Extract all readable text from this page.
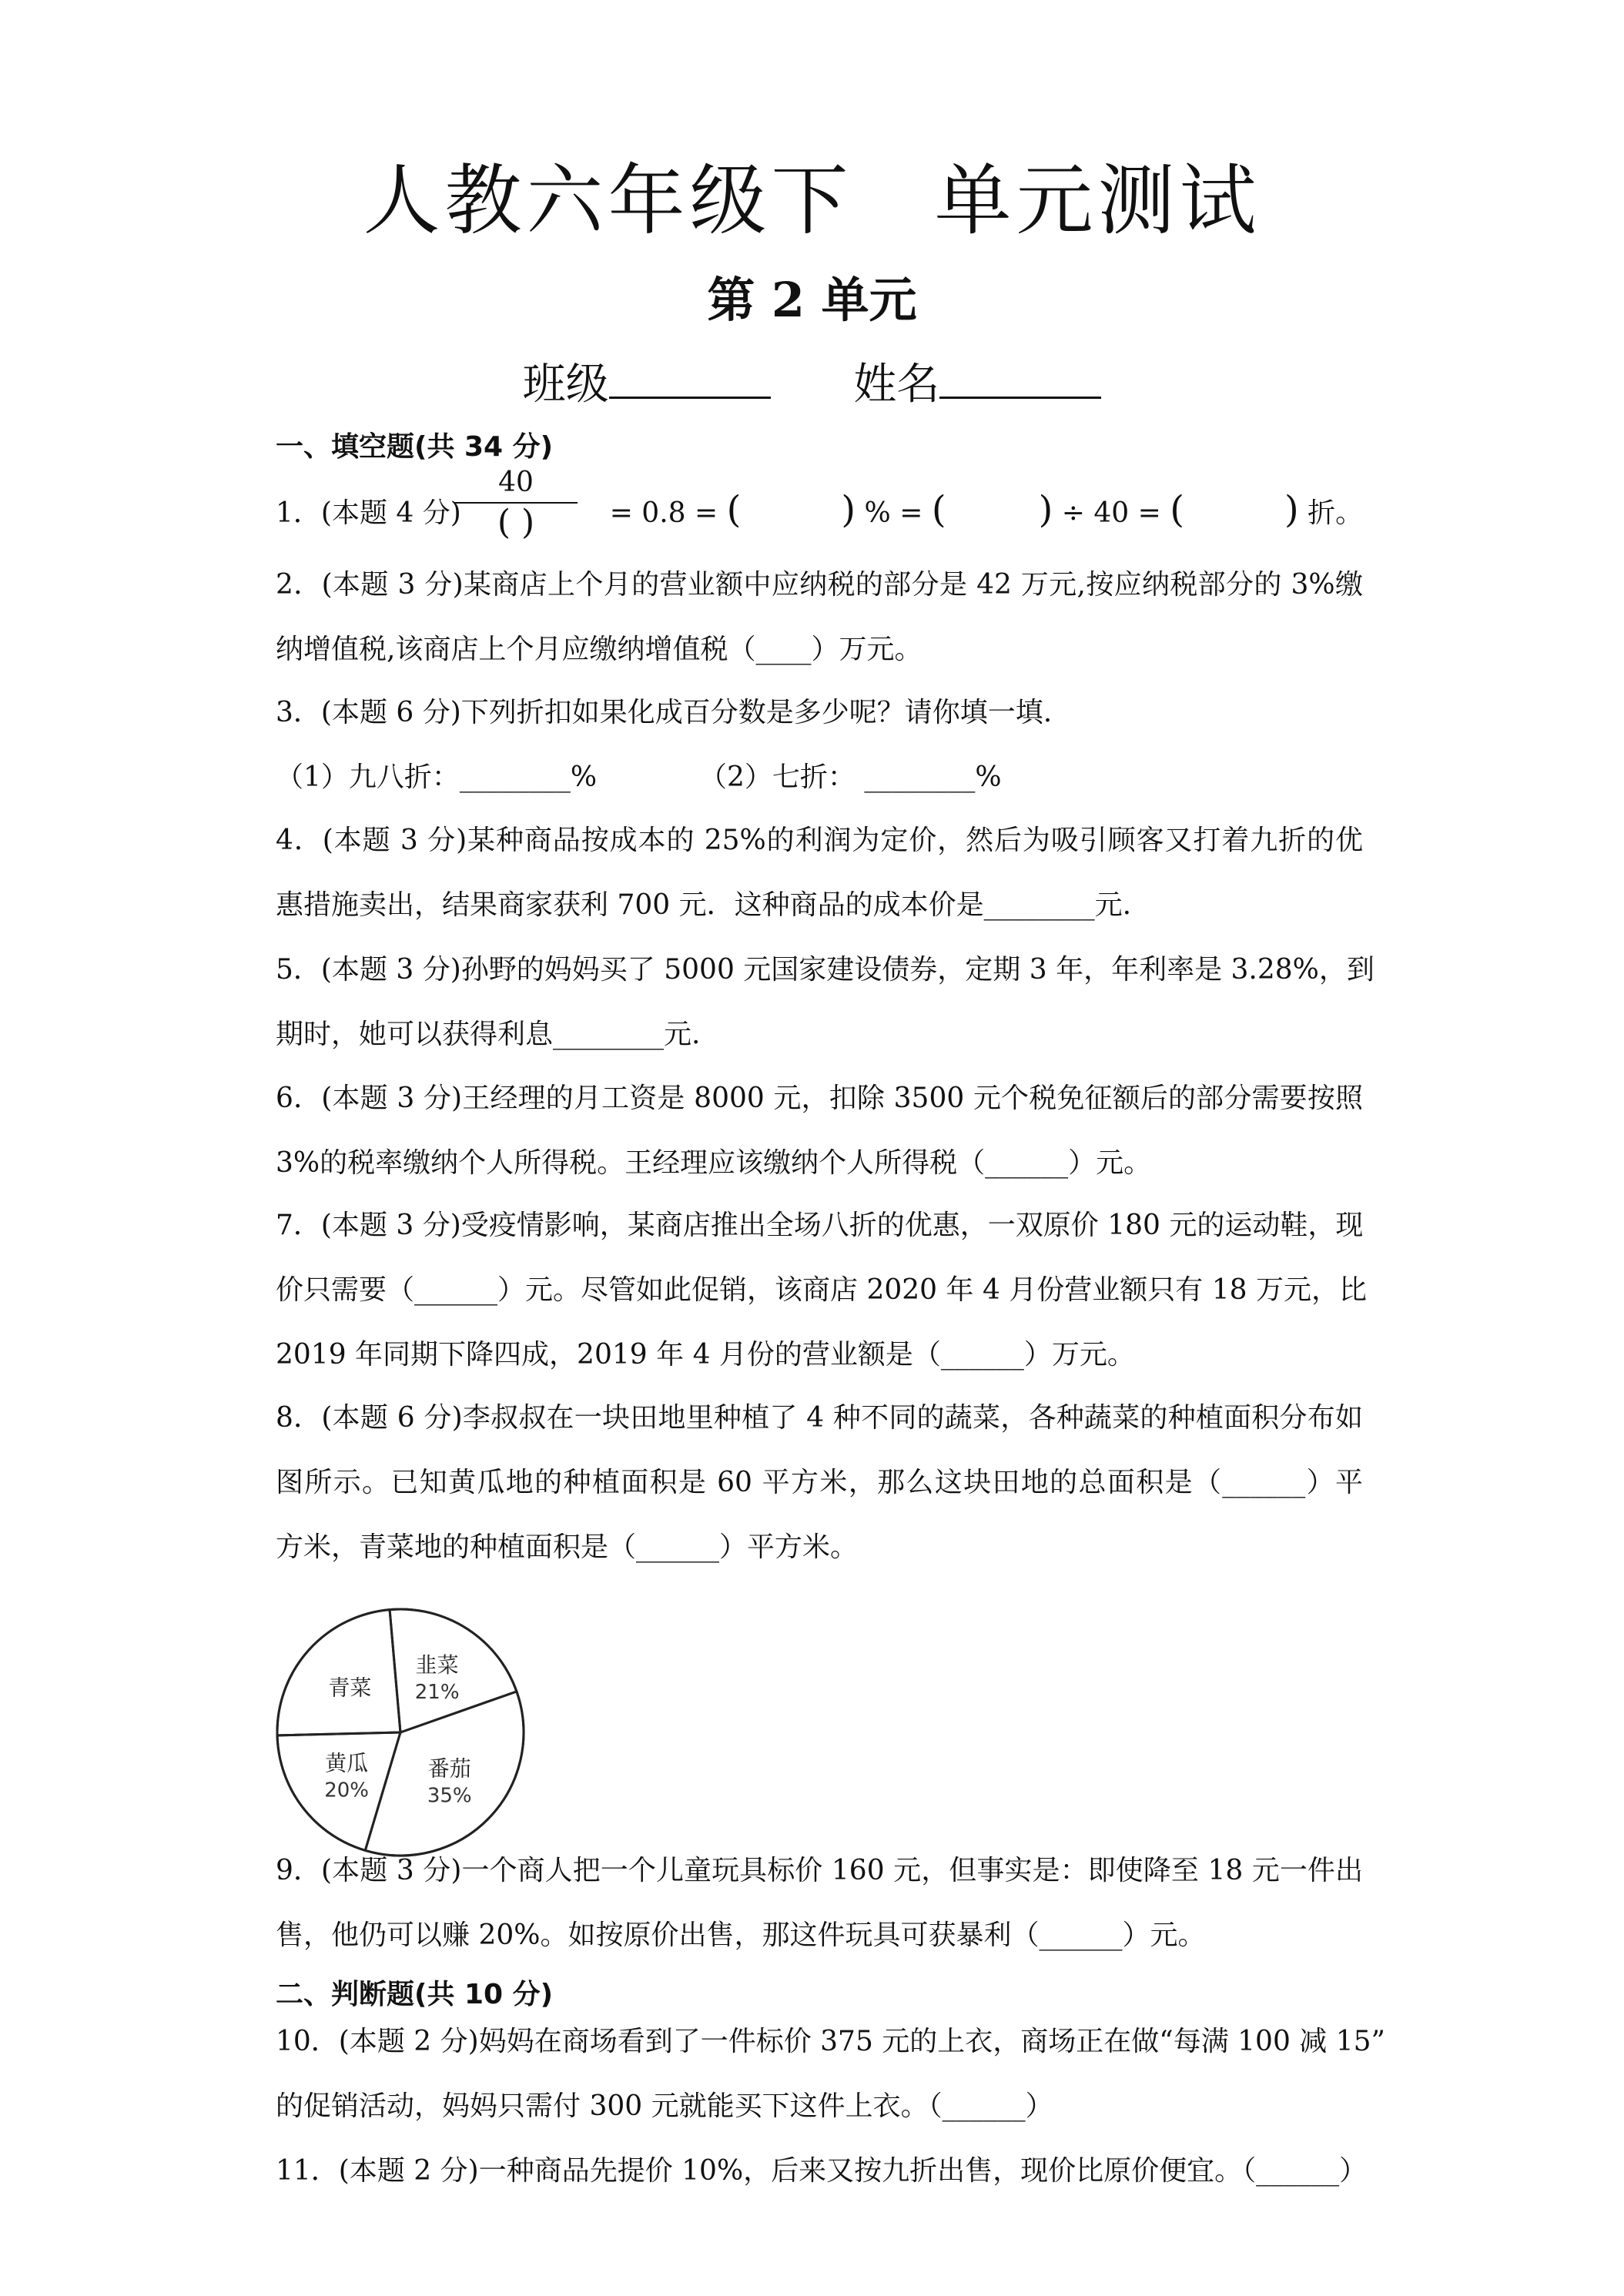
人教六年级下　单元测试
第 2 单元
班级	姓名
一、填空题(共 34 分)
1．(本题 4 分)	= 0.8 = (	) % = (	) ÷ 40 = (	) 折。
40
( )
2．(本题 3 分)某商店上个月的营业额中应纳税的部分是 42 万元,按应纳税部分的 3%缴
纳增值税,该商店上个月应缴纳增值税（____）万元。
3．(本题 6 分)下列折扣如果化成百分数是多少呢？请你填一填.
（1）九八折：________%	（2）七折： ________%
4．(本题 3 分)某种商品按成本的 25%的利润为定价，然后为吸引顾客又打着九折的优
惠措施卖出，结果商家获利 700 元．这种商品的成本价是________元.
5．(本题 3 分)孙野的妈妈买了 5000 元国家建设债券，定期 3 年，年利率是 3.28%，到
期时，她可以获得利息________元.
6．(本题 3 分)王经理的月工资是 8000 元，扣除 3500 元个税免征额后的部分需要按照
3%的税率缴纳个人所得税。王经理应该缴纳个人所得税（______）元。
7．(本题 3 分)受疫情影响，某商店推出全场八折的优惠，一双原价 180 元的运动鞋，现
价只需要（______）元。尽管如此促销，该商店 2020 年 4 月份营业额只有 18 万元，比
2019 年同期下降四成，2019 年 4 月份的营业额是（______）万元。
8．(本题 6 分)李叔叔在一块田地里种植了 4 种不同的蔬菜，各种蔬菜的种植面积分布如
图所示。已知黄瓜地的种植面积是 60 平方米，那么这块田地的总面积是（______）平
方米，青菜地的种植面积是（______）平方米。
韭菜
21%
番茄
35%
黄瓜
20%
青菜
9．(本题 3 分)一个商人把一个儿童玩具标价 160 元，但事实是：即使降至 18 元一件出
售，他仍可以赚 20%。如按原价出售，那这件玩具可获暴利（______）元。
二、判断题(共 10 分)
10．(本题 2 分)妈妈在商场看到了一件标价 375 元的上衣，商场正在做“每满 100 减 15”
的促销活动，妈妈只需付 300 元就能买下这件上衣。（______）
11．(本题 2 分)一种商品先提价 10%，后来又按九折出售，现价比原价便宜。（______）
